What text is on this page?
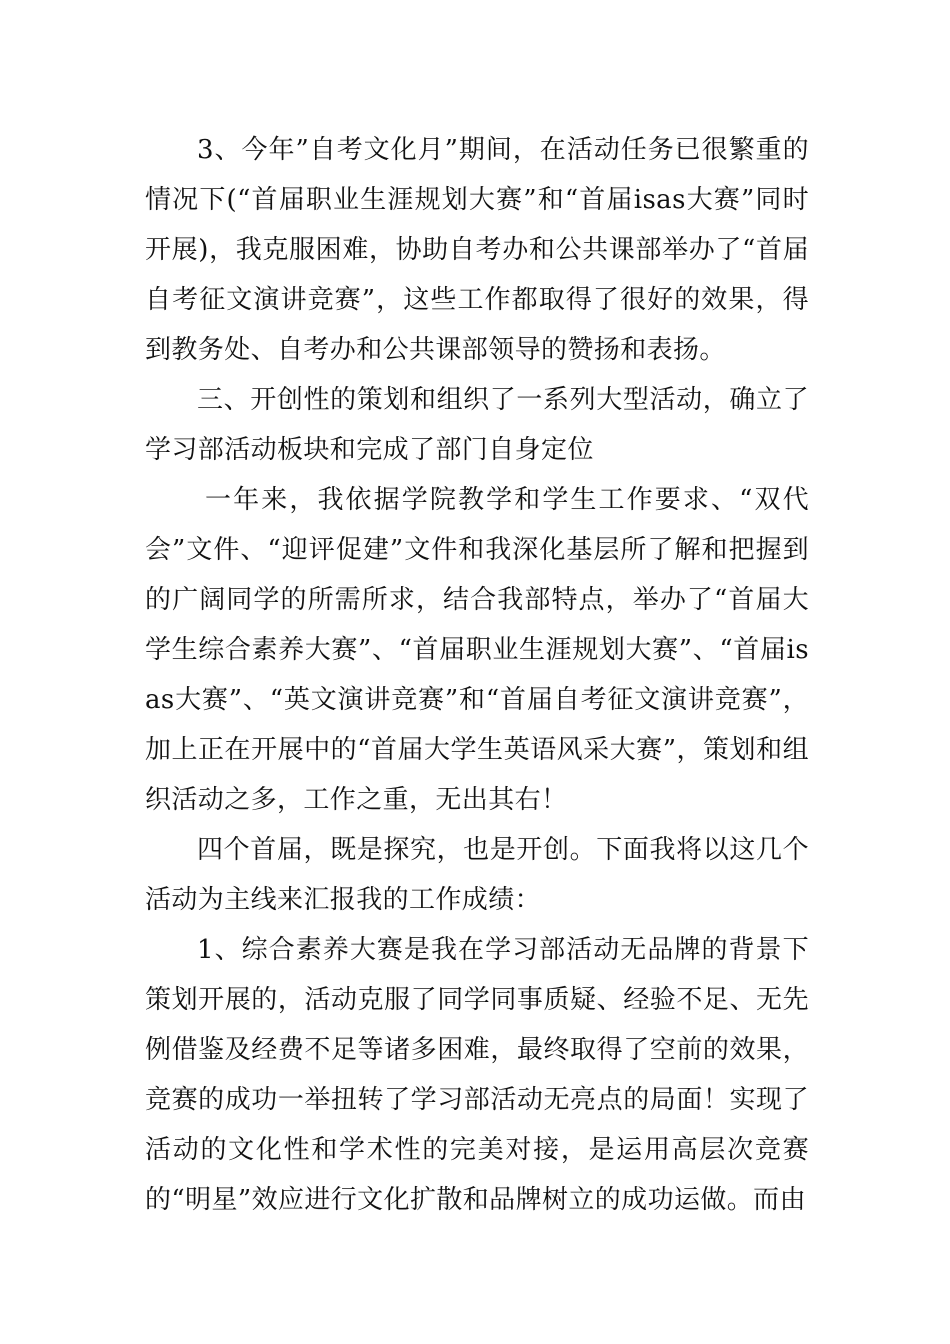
3、今年”自考文化月”期间，在活动任务已很繁重的情况下(“首届职业生涯规划大赛”和“首届isas大赛”同时开展)，我克服困难，协助自考办和公共课部举办了“首届自考征文演讲竞赛”，这些工作都取得了很好的效果，得到教务处、自考办和公共课部领导的赞扬和表扬。

三、开创性的策划和组织了一系列大型活动，确立了学习部活动板块和完成了部门自身定位

一年来，我依据学院教学和学生工作要求、“双代会”文件、“迎评促建”文件和我深化基层所了解和把握到的广阔同学的所需所求，结合我部特点，举办了“首届大学生综合素养大赛”、“首届职业生涯规划大赛”、“首届isas大赛”、“英文演讲竞赛”和“首届自考征文演讲竞赛”，加上正在开展中的“首届大学生英语风采大赛”，策划和组织活动之多，工作之重，无出其右！

四个首届，既是探究，也是开创。下面我将以这几个活动为主线来汇报我的工作成绩：

1、综合素养大赛是我在学习部活动无品牌的背景下策划开展的，活动克服了同学同事质疑、经验不足、无先例借鉴及经费不足等诸多困难，最终取得了空前的效果，竞赛的成功一举扭转了学习部活动无亮点的局面！实现了活动的文化性和学术性的完美对接，是运用高层次竞赛的“明星”效应进行文化扩散和品牌树立的成功运做。而由
